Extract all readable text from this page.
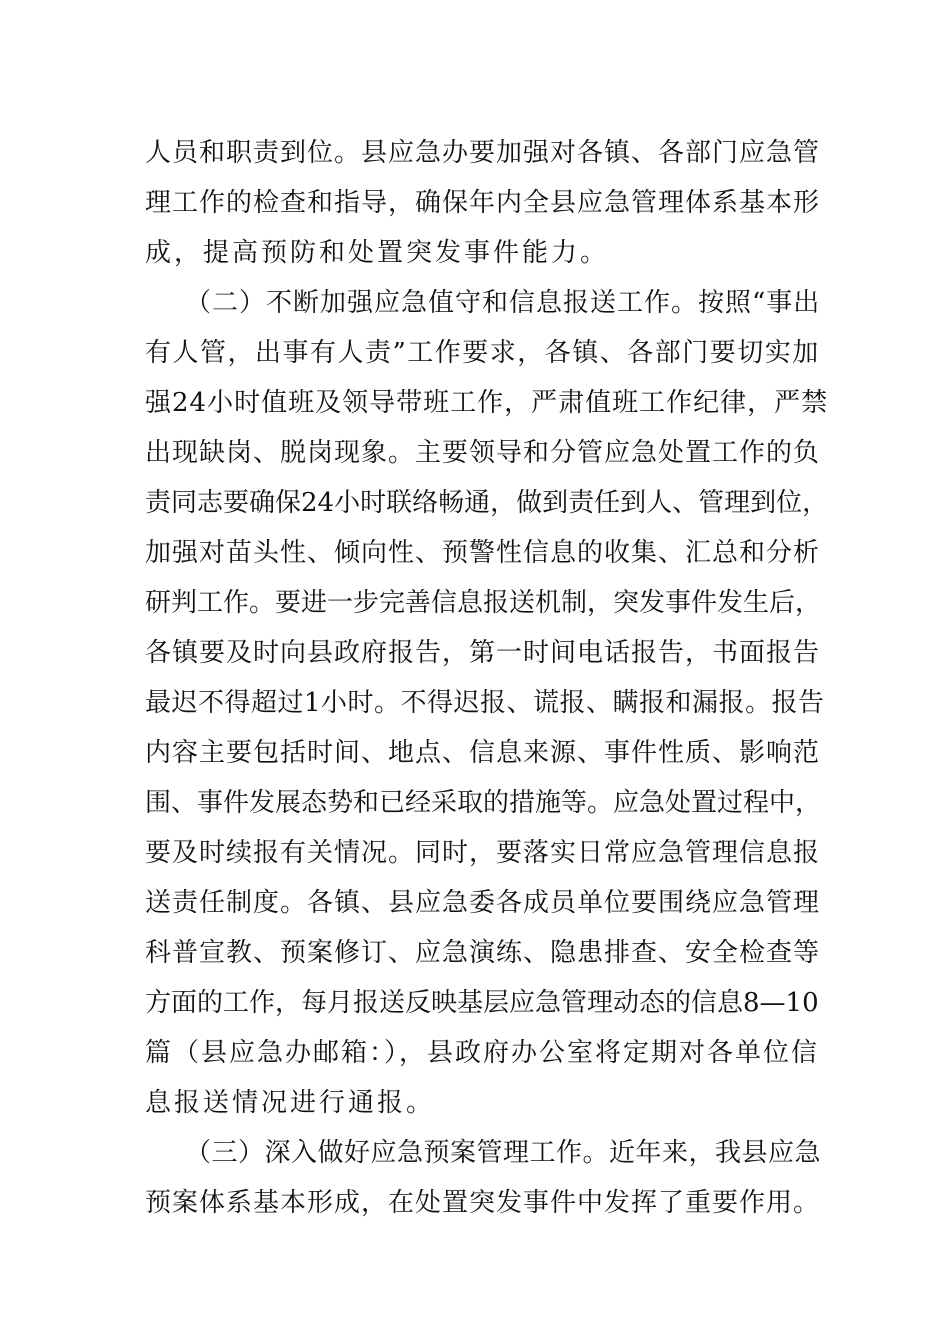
人员和职责到位。县应急办要加强对各镇、各部门应急管
理工作的检查和指导，确保年内全县应急管理体系基本形
成，提高预防和处置突发事件能力。
（二）不断加强应急值守和信息报送工作。按照“事出
有人管，出事有人责”工作要求，各镇、各部门要切实加
强24小时值班及领导带班工作，严肃值班工作纪律，严禁
出现缺岗、脱岗现象。主要领导和分管应急处置工作的负
责同志要确保24小时联络畅通，做到责任到人、管理到位，
加强对苗头性、倾向性、预警性信息的收集、汇总和分析
研判工作。要进一步完善信息报送机制，突发事件发生后，
各镇要及时向县政府报告，第一时间电话报告，书面报告
最迟不得超过1小时。不得迟报、谎报、瞒报和漏报。报告
内容主要包括时间、地点、信息来源、事件性质、影响范
围、事件发展态势和已经采取的措施等。应急处置过程中，
要及时续报有关情况。同时，要落实日常应急管理信息报
送责任制度。各镇、县应急委各成员单位要围绕应急管理
科普宣教、预案修订、应急演练、隐患排查、安全检查等
方面的工作，每月报送反映基层应急管理动态的信息8—10
篇（县应急办邮箱：），县政府办公室将定期对各单位信
息报送情况进行通报。
（三）深入做好应急预案管理工作。近年来，我县应急
预案体系基本形成，在处置突发事件中发挥了重要作用。
